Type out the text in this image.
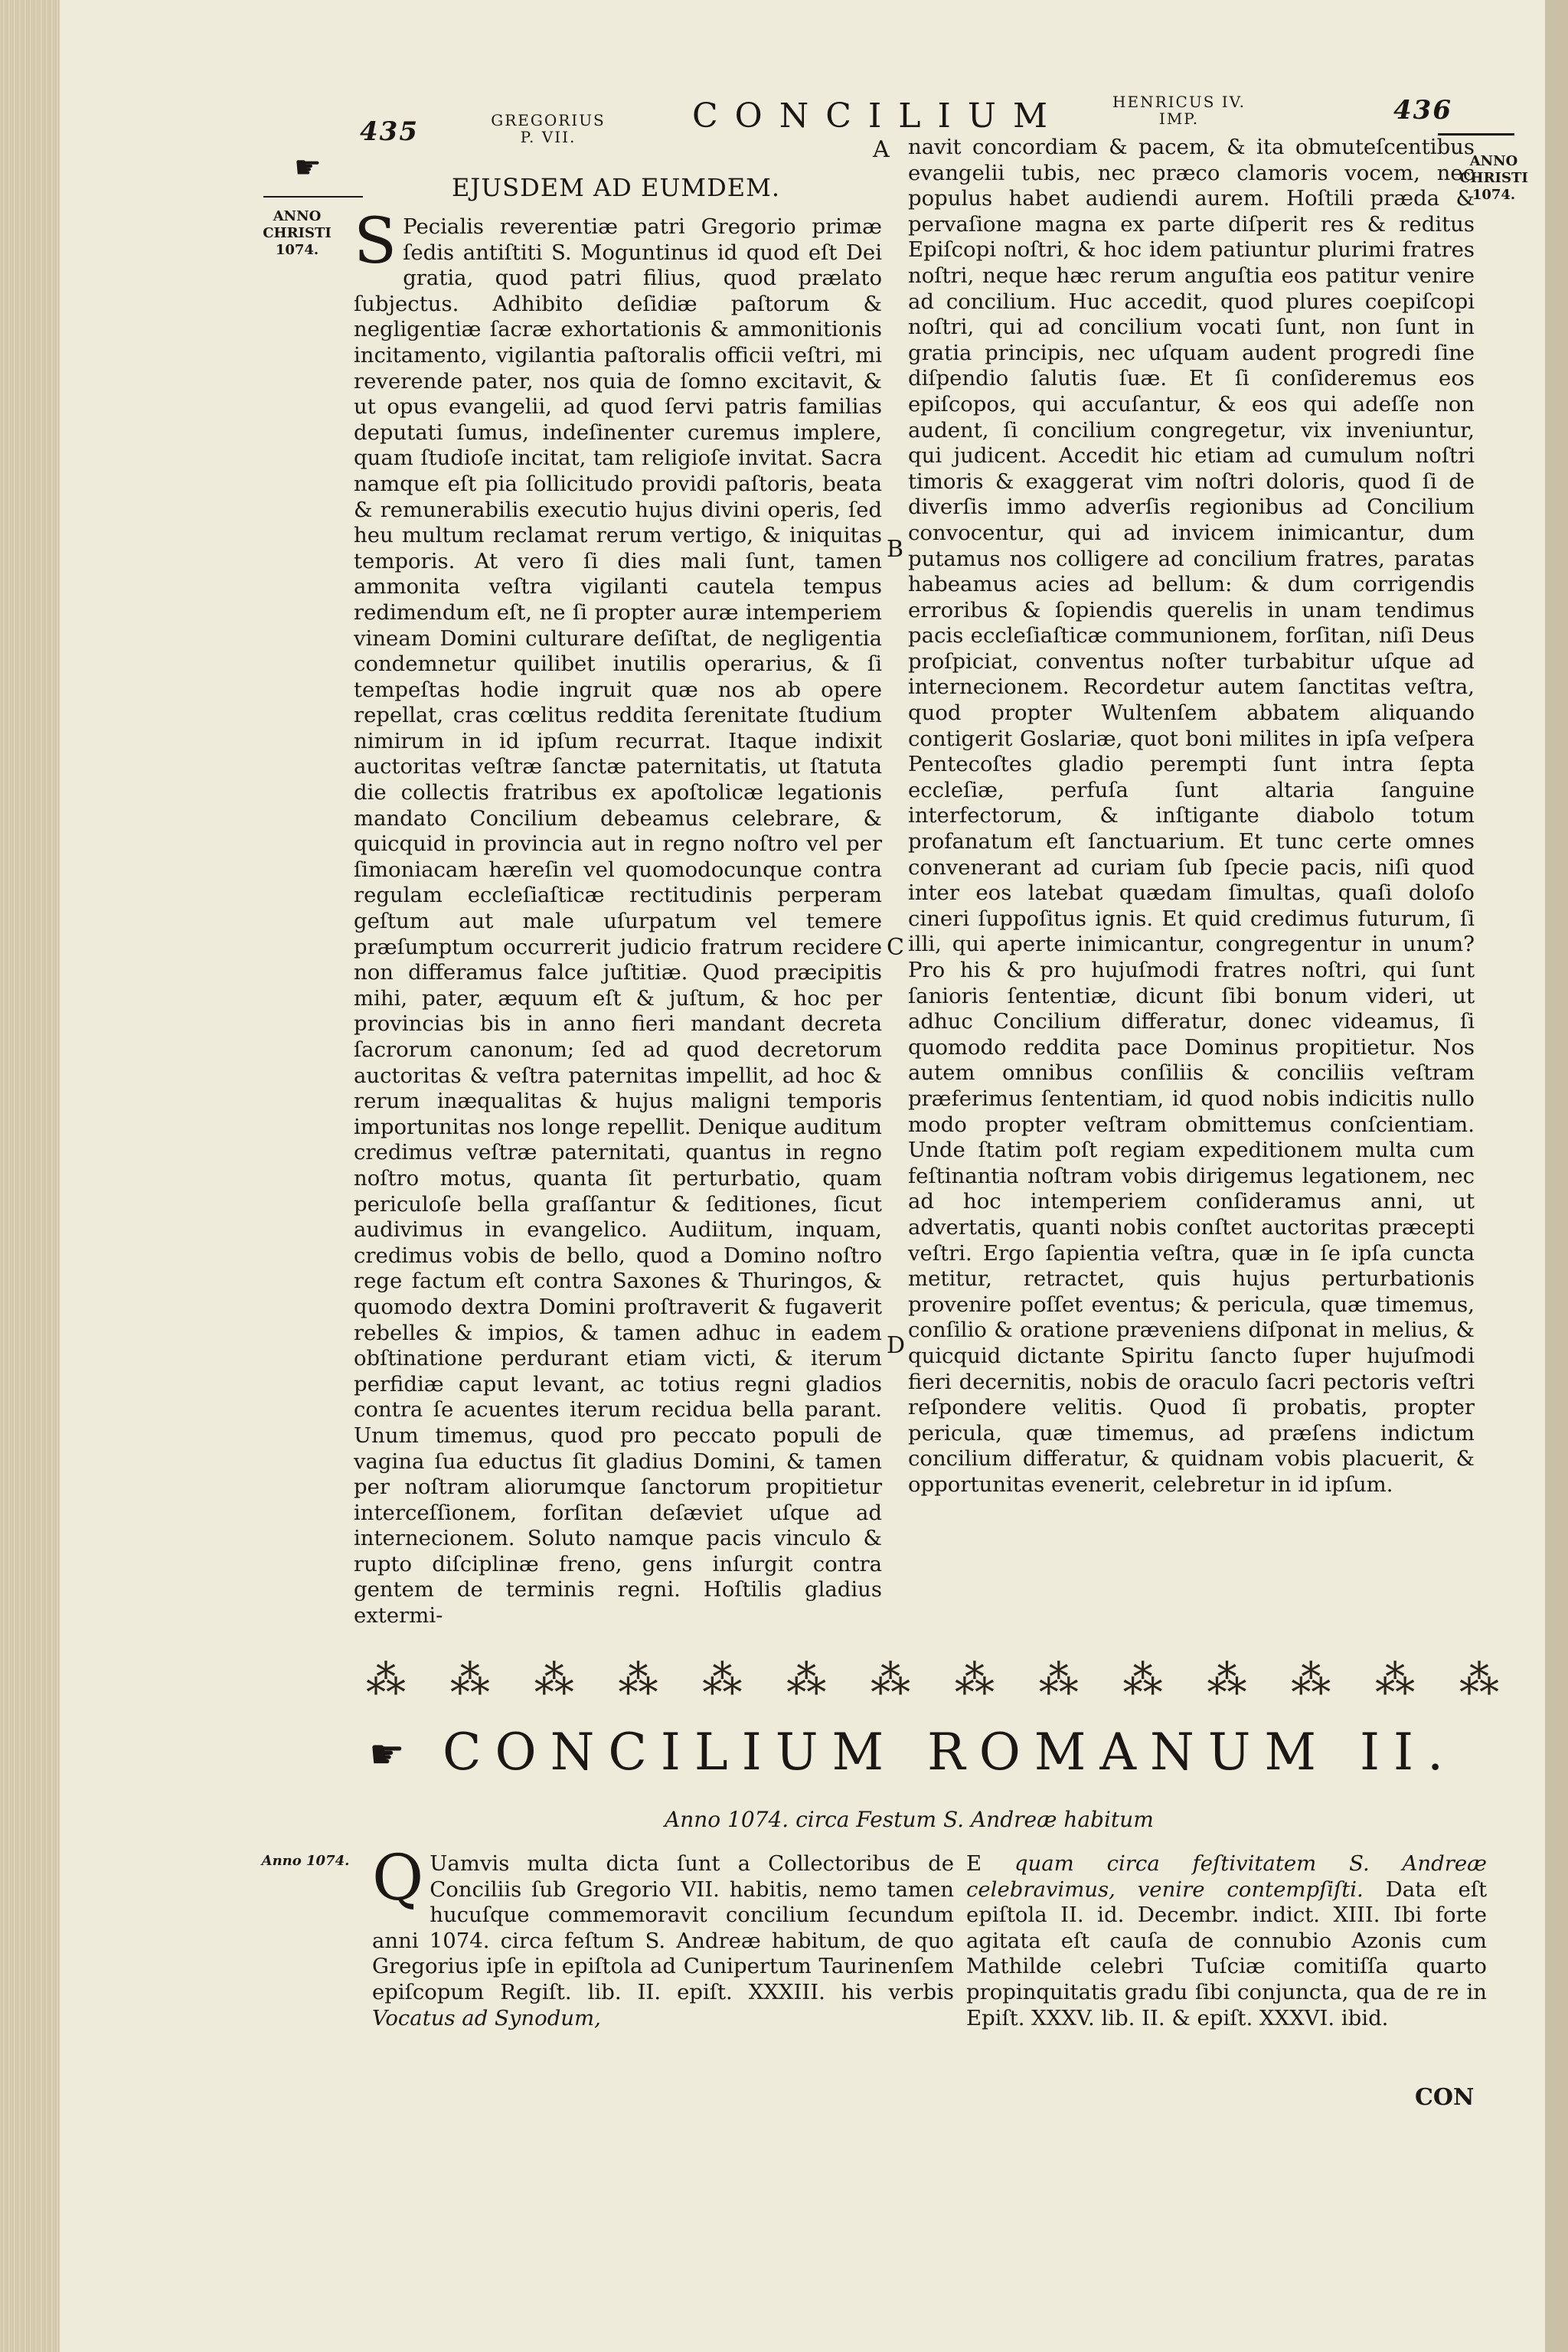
435	GREGORIUS
P. VII.
CONCILIUM	HENRICUS IV.
IMP.	436
☛
ANNO
CHRISTI
1074.
ANNO
CHRISTI
1074.
Anno 1074.
A
B
C
D
EJUSDEM AD EUMDEM.
S Pecialis reverentiæ patri Gregorio primæ ſedis antiſtiti S. Moguntinus id quod eſt Dei gratia, quod patri filius, quod prælato ſubjectus. Adhibito deſidiæ paſtorum & negligentiæ ſacræ exhortationis & ammonitionis incitamento, vigilantia paſtoralis officii veſtri, mi reverende pater, nos quia de ſomno excitavit, & ut opus evangelii, ad quod ſervi patris familias deputati ſumus, indeſinenter curemus implere, quam ſtudioſe incitat, tam religioſe invitat. Sacra namque eſt pia ſollicitudo providi paſtoris, beata & remunerabilis executio hujus divini operis, ſed heu multum reclamat rerum vertigo, & iniquitas temporis. At vero ſi dies mali ſunt, tamen ammonita veſtra vigilanti cautela tempus redimendum eſt, ne ſi propter auræ intemperiem vineam Domini culturare deſiſtat, de negligentia condemnetur quilibet inutilis operarius, & ſi tempeſtas hodie ingruit quæ nos ab opere repellat, cras cœlitus reddita ſerenitate ſtudium nimirum in id ipſum recurrat. Itaque indixit auctoritas veſtræ ſanctæ paternitatis, ut ſtatuta die collectis fratribus ex apoſtolicæ legationis mandato Concilium debeamus celebrare, & quicquid in provincia aut in regno noſtro vel per ſimoniacam hæreſin vel quomodocunque contra regulam eccleſiaſticæ rectitudinis perperam geſtum aut male uſurpatum vel temere præſumptum occurrerit judicio fratrum recidere non differamus falce juſtitiæ. Quod præcipitis mihi, pater, æquum eſt & juſtum, & hoc per provincias bis in anno fieri mandant decreta ſacrorum canonum; ſed ad quod decretorum auctoritas & veſtra paternitas impellit, ad hoc & rerum inæqualitas & hujus maligni temporis importunitas nos longe repellit. Denique auditum credimus veſtræ paternitati, quantus in regno noſtro motus, quanta ſit perturbatio, quam periculoſe bella graſſantur & ſeditiones, ſicut audivimus in evangelico. Audiitum, inquam, credimus vobis de bello, quod a Domino noſtro rege factum eſt contra Saxones & Thuringos, & quomodo dextra Domini proſtraverit & fugaverit rebelles & impios, & tamen adhuc in eadem obſtinatione perdurant etiam victi, & iterum perfidiæ caput levant, ac totius regni gladios contra ſe acuentes iterum recidua bella parant. Unum timemus, quod pro peccato populi de vagina ſua eductus ſit gladius Domini, & tamen per noſtram aliorumque ſanctorum propitietur interceſſionem, forſitan deſæviet uſque ad internecionem. Soluto namque pacis vinculo & rupto diſciplinæ freno, gens inſurgit contra gentem de terminis regni. Hoſtilis gladius extermi-
navit concordiam & pacem, & ita obmuteſcentibus evangelii tubis, nec præco clamoris vocem, nec populus habet audiendi aurem. Hoſtili præda & pervaſione magna ex parte diſperit res & reditus Epiſcopi noſtri, & hoc idem patiuntur plurimi fratres noſtri, neque hæc rerum anguſtia eos patitur venire ad concilium. Huc accedit, quod plures coepiſcopi noſtri, qui ad concilium vocati ſunt, non ſunt in gratia principis, nec uſquam audent progredi ſine diſpendio ſalutis ſuæ. Et ſi conſideremus eos epiſcopos, qui accuſantur, & eos qui adeſſe non audent, ſi concilium congregetur, vix inveniuntur, qui judicent. Accedit hic etiam ad cumulum noſtri timoris & exaggerat vim noſtri doloris, quod ſi de diverſis immo adverſis regionibus ad Concilium convocentur, qui ad invicem inimicantur, dum putamus nos colligere ad concilium fratres, paratas habeamus acies ad bellum: & dum corrigendis erroribus & ſopiendis querelis in unam tendimus pacis eccleſiaſticæ communionem, forſitan, niſi Deus proſpiciat, conventus noſter turbabitur uſque ad internecionem. Recordetur autem ſanctitas veſtra, quod propter Wultenſem abbatem aliquando contigerit Goslariæ, quot boni milites in ipſa veſpera Pentecoſtes gladio perempti ſunt intra ſepta eccleſiæ, perfuſa ſunt altaria ſanguine interfectorum, & inſtigante diabolo totum profanatum eſt ſanctuarium. Et tunc certe omnes convenerant ad curiam ſub ſpecie pacis, niſi quod inter eos latebat quædam ſimultas, quaſi doloſo cineri ſuppoſitus ignis. Et quid credimus futurum, ſi illi, qui aperte inimicantur, congregentur in unum? Pro his & pro hujuſmodi fratres noſtri, qui ſunt ſanioris ſententiæ, dicunt ſibi bonum videri, ut adhuc Concilium differatur, donec videamus, ſi quomodo reddita pace Dominus propitietur. Nos autem omnibus conſiliis & conciliis veſtram præferimus ſententiam, id quod nobis indicitis nullo modo propter veſtram obmittemus conſcientiam. Unde ſtatim poſt regiam expeditionem multa cum feſtinantia noſtram vobis dirigemus legationem, nec ad hoc intemperiem conſideramus anni, ut advertatis, quanti nobis conſtet auctoritas præcepti veſtri. Ergo ſapientia veſtra, quæ in ſe ipſa cuncta metitur, retractet, quis hujus perturbationis provenire poſſet eventus; & pericula, quæ timemus, conſilio & oratione præveniens diſponat in melius, & quicquid dictante Spiritu ſancto ſuper hujuſmodi fieri decernitis, nobis de oraculo ſacri pectoris veſtri reſpondere velitis. Quod ſi probatis, propter pericula, quæ timemus, ad præſens indictum concilium differatur, & quidnam vobis placuerit, & opportunitas evenerit, celebretur in id ipſum.
⁂ ⁂ ⁂ ⁂ ⁂ ⁂ ⁂ ⁂ ⁂ ⁂ ⁂ ⁂ ⁂ ⁂
☛ CONCILIUM ROMANUM II.
Anno 1074. circa Festum S. Andreæ habitum
Q Uamvis multa dicta ſunt a Collectoribus de Conciliis ſub Gregorio VII. habitis, nemo tamen hucuſque commemoravit concilium ſecundum anni 1074. circa feſtum S. Andreæ habitum, de quo Gregorius ipſe in epiſtola ad Cunipertum Taurinenſem epiſcopum Regiſt. lib. II. epiſt. XXXIII. his verbis Vocatus ad Synodum,
E quam circa feſtivitatem S. Andreæ celebravimus, venire contempſiſti. Data eſt epiſtola II. id. Decembr. indict. XIII. Ibi forte agitata eſt cauſa de connubio Azonis cum Mathilde celebri Tuſciæ comitiſſa quarto propinquitatis gradu ſibi conjuncta, qua de re in Epiſt. XXXV. lib. II. & epiſt. XXXVI. ibid.
CON
